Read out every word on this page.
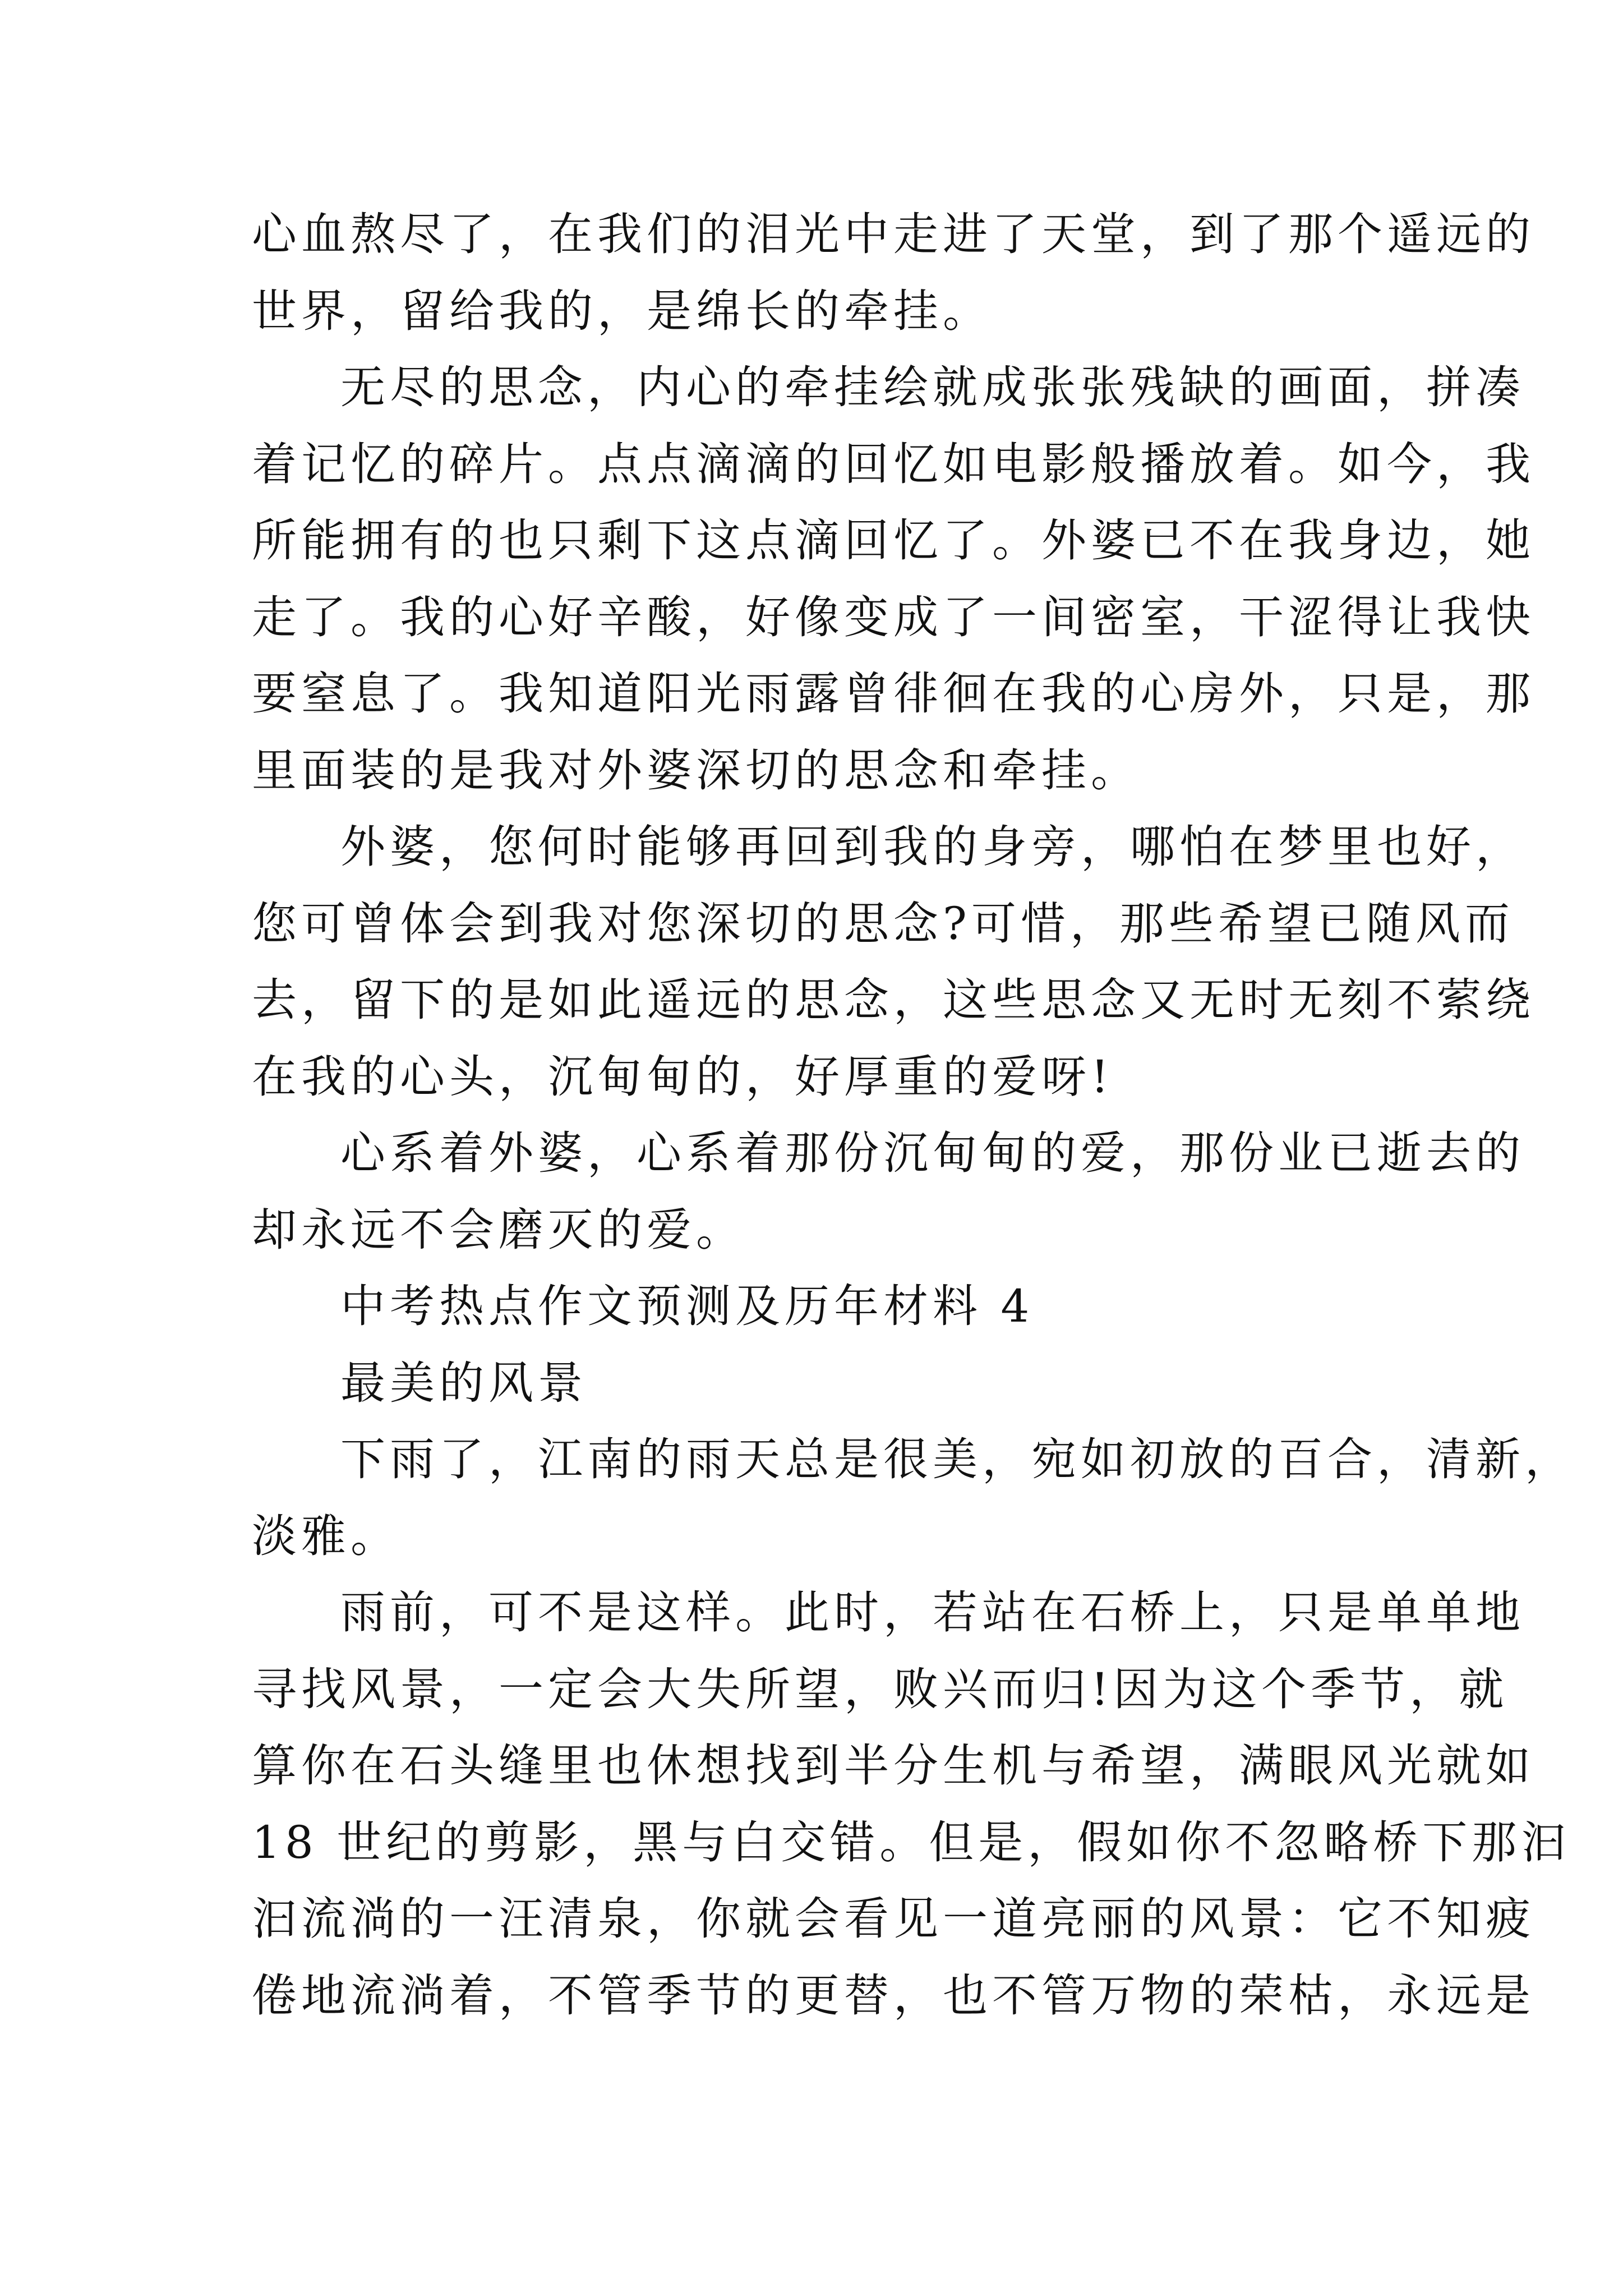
心血熬尽了，在我们的泪光中走进了天堂，到了那个遥远的
世界，留给我的，是绵长的牵挂。
无尽的思念，内心的牵挂绘就成张张残缺的画面，拼凑
着记忆的碎片。点点滴滴的回忆如电影般播放着。如今，我
所能拥有的也只剩下这点滴回忆了。外婆已不在我身边，她
走了。我的心好辛酸，好像变成了一间密室，干涩得让我快
要窒息了。我知道阳光雨露曾徘徊在我的心房外，只是，那
里面装的是我对外婆深切的思念和牵挂。
外婆，您何时能够再回到我的身旁，哪怕在梦里也好，
您可曾体会到我对您深切的思念?可惜，那些希望已随风而
去，留下的是如此遥远的思念，这些思念又无时无刻不萦绕
在我的心头，沉甸甸的，好厚重的爱呀!
心系着外婆，心系着那份沉甸甸的爱，那份业已逝去的
却永远不会磨灭的爱。
中考热点作文预测及历年材料 4
最美的风景
下雨了，江南的雨天总是很美，宛如初放的百合，清新，
淡雅。
雨前，可不是这样。此时，若站在石桥上，只是单单地
寻找风景，一定会大失所望，败兴而归!因为这个季节，就
算你在石头缝里也休想找到半分生机与希望，满眼风光就如
18 世纪的剪影，黑与白交错。但是，假如你不忽略桥下那汩
汩流淌的一汪清泉，你就会看见一道亮丽的风景：它不知疲
倦地流淌着，不管季节的更替，也不管万物的荣枯，永远是
